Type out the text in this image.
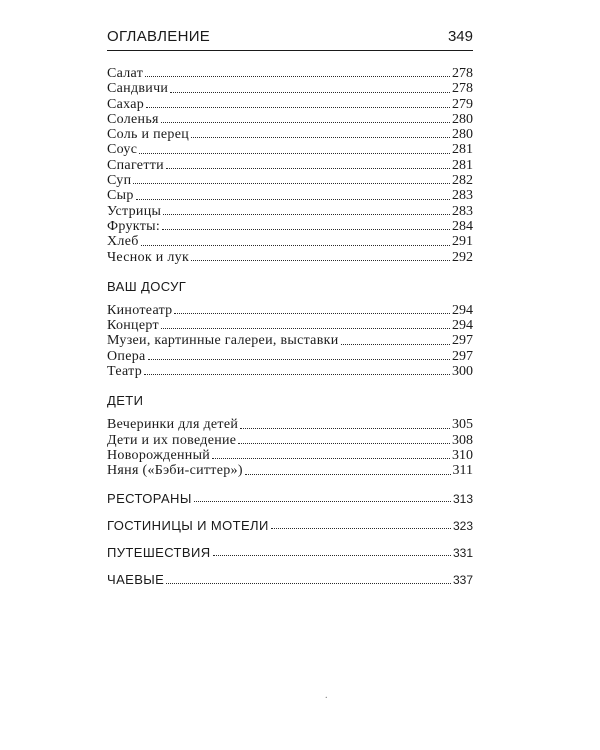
ОГЛАВЛЕНИЕ	349
Салат	278
Сандвичи	278
Сахар	279
Соленья	280
Соль и перец	280
Соус	281
Спагетти	281
Суп	282
Сыр	283
Устрицы	283
Фрукты:	284
Хлеб	291
Чеснок и лук	292
ВАШ ДОСУГ
Кинотеатр	294
Концерт	294
Музеи, картинные галереи, выставки	297
Опера	297
Театр	300
ДЕТИ
Вечеринки для детей	305
Дети и их поведение	308
Новорожденный	310
Няня («Бэби-ситтер»)	311
РЕСТОРАНЫ	313
ГОСТИНИЦЫ И МОТЕЛИ	323
ПУТЕШЕСТВИЯ	331
ЧАЕВЫЕ	337
.
